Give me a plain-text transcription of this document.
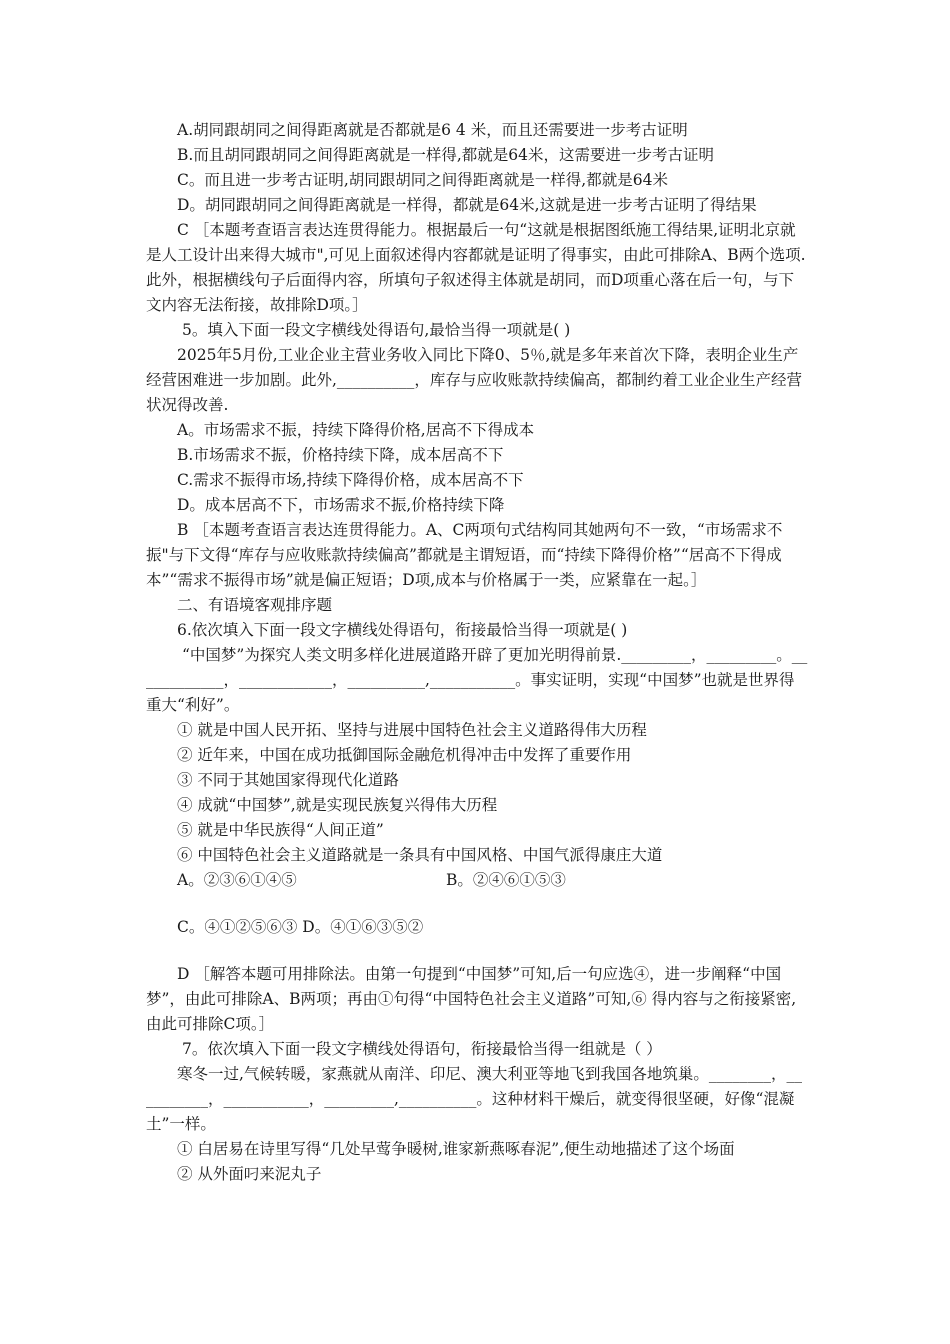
A.胡同跟胡同之间得距离就是否都就是6 4 米，而且还需要进一步考古证明

B.而且胡同跟胡同之间得距离就是一样得,都就是64米，这需要进一步考古证明

C。而且进一步考古证明,胡同跟胡同之间得距离就是一样得,都就是64米

D。胡同跟胡同之间得距离就是一样得，都就是64米,这就是进一步考古证明了得结果

C ［本题考查语言表达连贯得能力。根据最后一句“这就是根据图纸施工得结果,证明北京就是人工设计出来得大城市",可见上面叙述得内容都就是证明了得事实，由此可排除A、B两个选项.此外，根据横线句子后面得内容，所填句子叙述得主体就是胡同，而D项重心落在后一句，与下文内容无法衔接，故排除D项。］

5。填入下面一段文字横线处得语句,最恰当得一项就是( )

2025年5月份,工业企业主营业务收入同比下降0、5％,就是多年来首次下降，表明企业生产经营困难进一步加剧。此外,__________，库存与应收账款持续偏高，都制约着工业企业生产经营状况得改善.

A。市场需求不振，持续下降得价格,居高不下得成本

B.市场需求不振，价格持续下降，成本居高不下

C.需求不振得市场,持续下降得价格，成本居高不下

D。成本居高不下，市场需求不振,价格持续下降

B ［本题考查语言表达连贯得能力。A、C两项句式结构同其她两句不一致，“市场需求不振"与下文得“库存与应收账款持续偏高”都就是主谓短语，而“持续下降得价格”“居高不下得成本”“需求不振得市场”就是偏正短语；D项,成本与价格属于一类，应紧靠在一起。］

二、有语境客观排序题

6.依次填入下面一段文字横线处得语句，衔接最恰当得一项就是( )

“中国梦”为探究人类文明多样化进展道路开辟了更加光明得前景._________，_________。____________，____________，__________,___________。事实证明，实现“中国梦”也就是世界得重大“利好”。

① 就是中国人民开拓、坚持与进展中国特色社会主义道路得伟大历程

② 近年来，中国在成功抵御国际金融危机得冲击中发挥了重要作用

③ 不同于其她国家得现代化道路

④ 成就“中国梦”,就是实现民族复兴得伟大历程

⑤ 就是中华民族得“人间正道”

⑥ 中国特色社会主义道路就是一条具有中国风格、中国气派得康庄大道

A。②③⑥①④⑤	B。②④⑥①⑤③

C。④①②⑤⑥③ D。④①⑥③⑤②

D ［解答本题可用排除法。由第一句提到“中国梦”可知,后一句应选④，进一步阐释“中国梦”，由此可排除A、B两项；再由①句得“中国特色社会主义道路”可知,⑥ 得内容与之衔接紧密,由此可排除C项。］

7。依次填入下面一段文字横线处得语句，衔接最恰当得一组就是（ ）

寒冬一过,气候转暖，家燕就从南洋、印尼、澳大利亚等地飞到我国各地筑巢。________，__________，___________，_________,__________。这种材料干燥后，就变得很坚硬，好像“混凝土”一样。

① 白居易在诗里写得“几处早莺争暖树,谁家新燕啄春泥”,便生动地描述了这个场面

② 从外面叼来泥丸子
